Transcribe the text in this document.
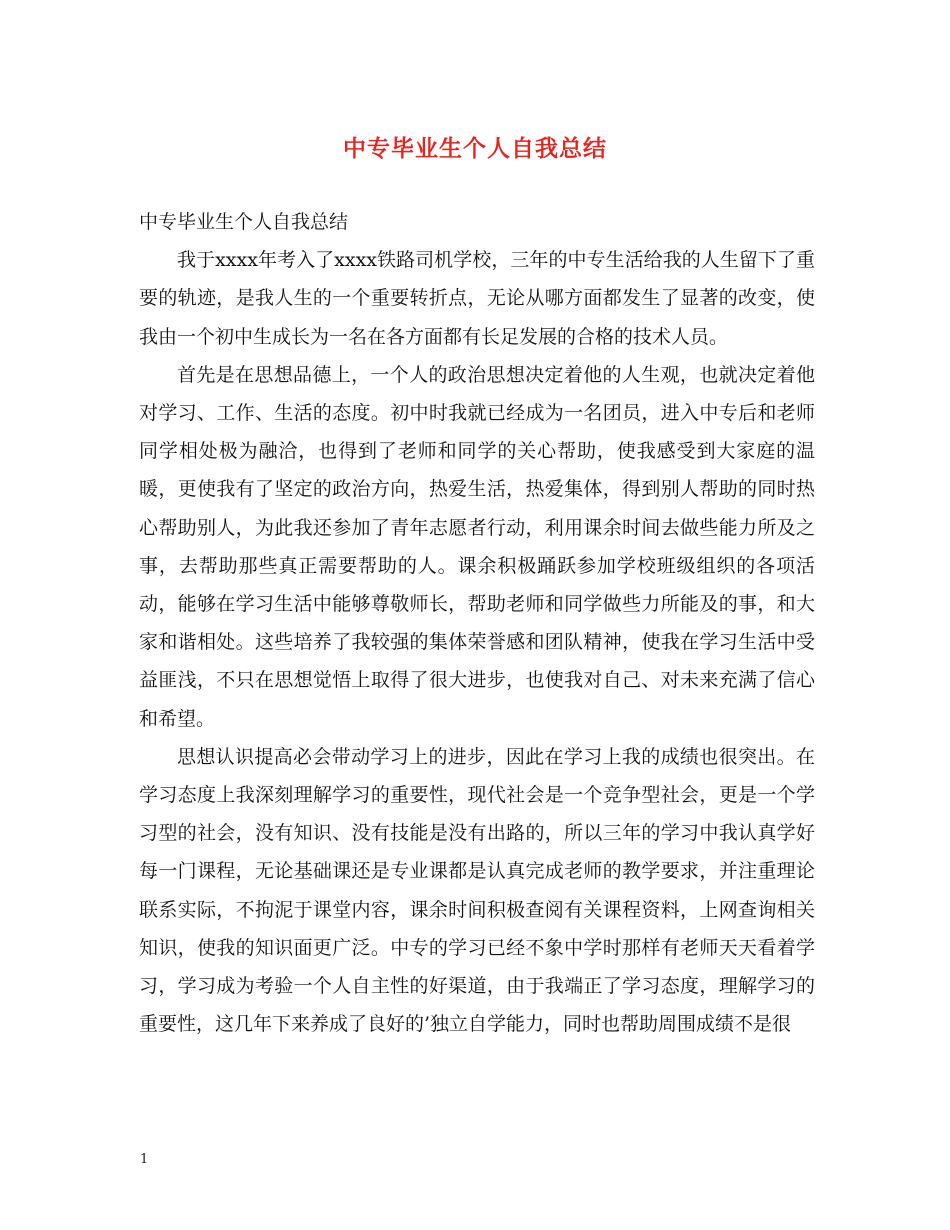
中专毕业生个人自我总结

中专毕业生个人自我总结

我于xxxx年考入了xxxx铁路司机学校，三年的中专生活给我的人生留下了重要的轨迹，是我人生的一个重要转折点，无论从哪方面都发生了显著的改变，使我由一个初中生成长为一名在各方面都有长足发展的合格的技术人员。

首先是在思想品德上，一个人的政治思想决定着他的人生观，也就决定着他对学习、工作、生活的态度。初中时我就已经成为一名团员，进入中专后和老师同学相处极为融洽，也得到了老师和同学的关心帮助，使我感受到大家庭的温暖，更使我有了坚定的政治方向，热爱生活，热爱集体，得到别人帮助的同时热心帮助别人，为此我还参加了青年志愿者行动，利用课余时间去做些能力所及之事，去帮助那些真正需要帮助的人。课余积极踊跃参加学校班级组织的各项活动，能够在学习生活中能够尊敬师长，帮助老师和同学做些力所能及的事，和大家和谐相处。这些培养了我较强的集体荣誉感和团队精神，使我在学习生活中受益匪浅，不只在思想觉悟上取得了很大进步，也使我对自己、对未来充满了信心和希望。

思想认识提高必会带动学习上的进步，因此在学习上我的成绩也很突出。在学习态度上我深刻理解学习的重要性，现代社会是一个竞争型社会，更是一个学习型的社会，没有知识、没有技能是没有出路的，所以三年的学习中我认真学好每一门课程，无论基础课还是专业课都是认真完成老师的教学要求，并注重理论联系实际，不拘泥于课堂内容，课余时间积极查阅有关课程资料，上网查询相关知识，使我的知识面更广泛。中专的学习已经不象中学时那样有老师天天看着学习，学习成为考验一个人自主性的好渠道，由于我端正了学习态度，理解学习的重要性，这几年下来养成了良好的’独立自学能力，同时也帮助周围成绩不是很

1
